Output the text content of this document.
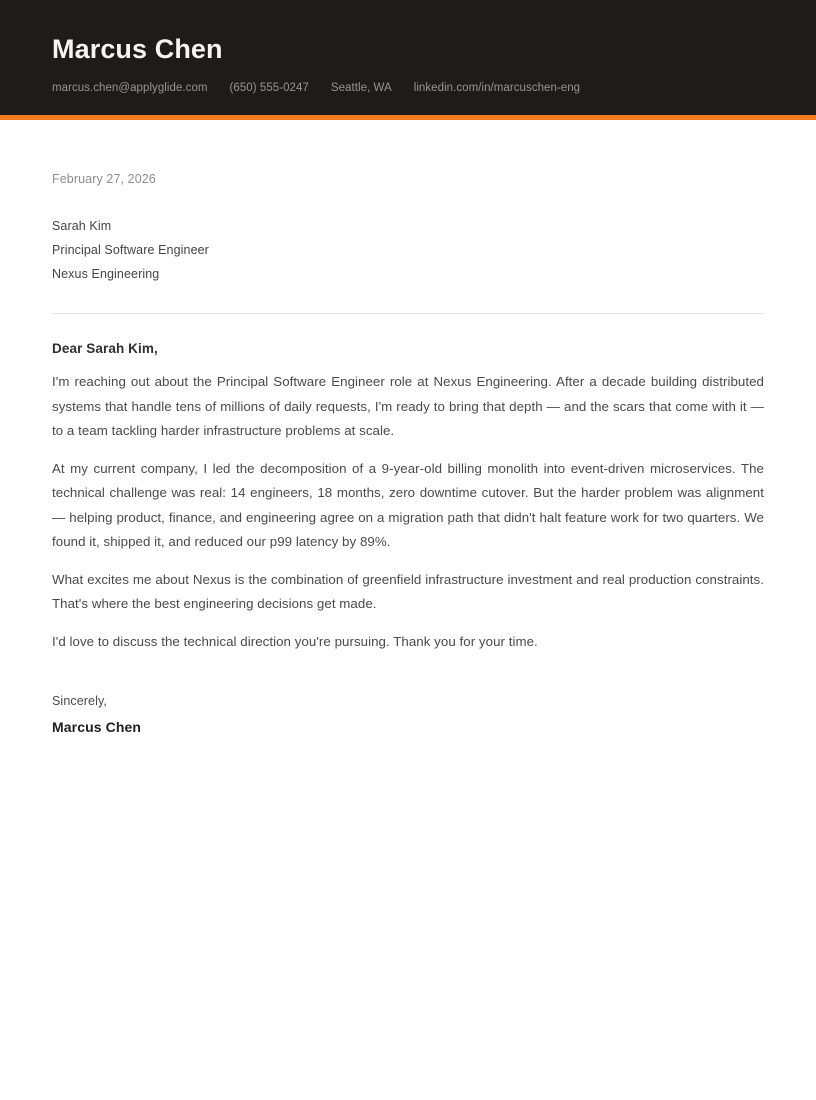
Marcus Chen
marcus.chen@applyglide.com (650) 555-0247 Seattle, WA linkedin.com/in/marcuschen-eng
February 27, 2026
Sarah Kim
Principal Software Engineer
Nexus Engineering
Dear Sarah Kim,

I'm reaching out about the Principal Software Engineer role at Nexus Engineering. After a decade building distributed systems that handle tens of millions of daily requests, I'm ready to bring that depth — and the scars that come with it — to a team tackling harder infrastructure problems at scale.

At my current company, I led the decomposition of a 9-year-old billing monolith into event-driven microservices. The technical challenge was real: 14 engineers, 18 months, zero downtime cutover. But the harder problem was alignment — helping product, finance, and engineering agree on a migration path that didn't halt feature work for two quarters. We found it, shipped it, and reduced our p99 latency by 89%.

What excites me about Nexus is the combination of greenfield infrastructure investment and real production constraints. That's where the best engineering decisions get made.

I'd love to discuss the technical direction you're pursuing. Thank you for your time.

Sincerely,
Marcus Chen
